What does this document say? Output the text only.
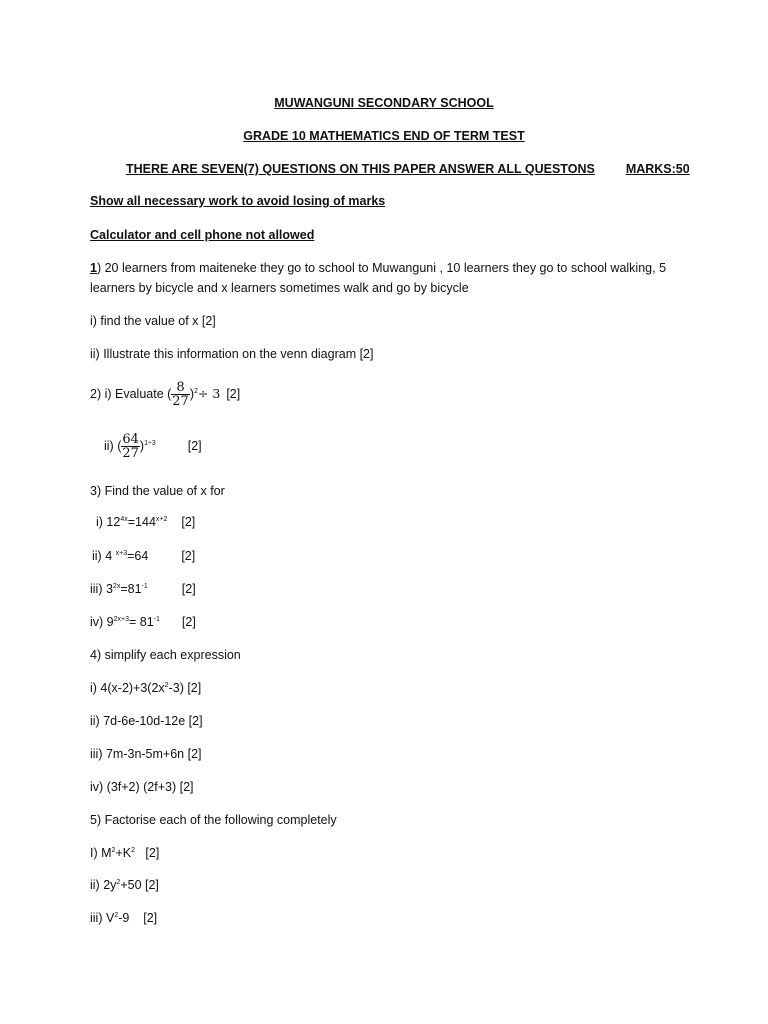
MUWANGUNI SECONDARY SCHOOL
GRADE 10 MATHEMATICS END OF TERM TEST
THERE ARE SEVEN(7) QUESTIONS ON THIS PAPER ANSWER ALL QUESTONS MARKS:50
Show all necessary work to avoid losing of marks
Calculator and cell phone not allowed
1) 20 learners from maiteneke they go to school to Muwanguni , 10 learners they go to school walking, 5
learners by bicycle and x learners sometimes walk and go by bicycle
i) find the value of x [2]
ii) Illustrate this information on the venn diagram [2]
2) i) Evaluate ( $\frac{8}{27} )^2\div 3$ [2]
ii) ( $\frac{64}{27} )^{1\div 3}$	[2]
3) Find the value of x for
i) $12^{4x}=144^{x+2}$ [2]
ii) 4 $^{x+3}$=64	[2]
iii) $3^{2x}=81^{-1}$	[2]
iv) $9^{2x+3}= 81^{-1}$ [2]
4) simplify each expression
i) $4(x-2)+3(2x^2-3)$ [2]
ii) 7d-6e-10d-12e [2]
iii) 7m-3n-5m+6n [2]
iv) (3f+2) (2f+3) [2]
5) Factorise each of the following completely
I) $M^2+K^2$   [2]
ii) $2y^2+50$ [2]
iii) $V^2-9$    [2]
